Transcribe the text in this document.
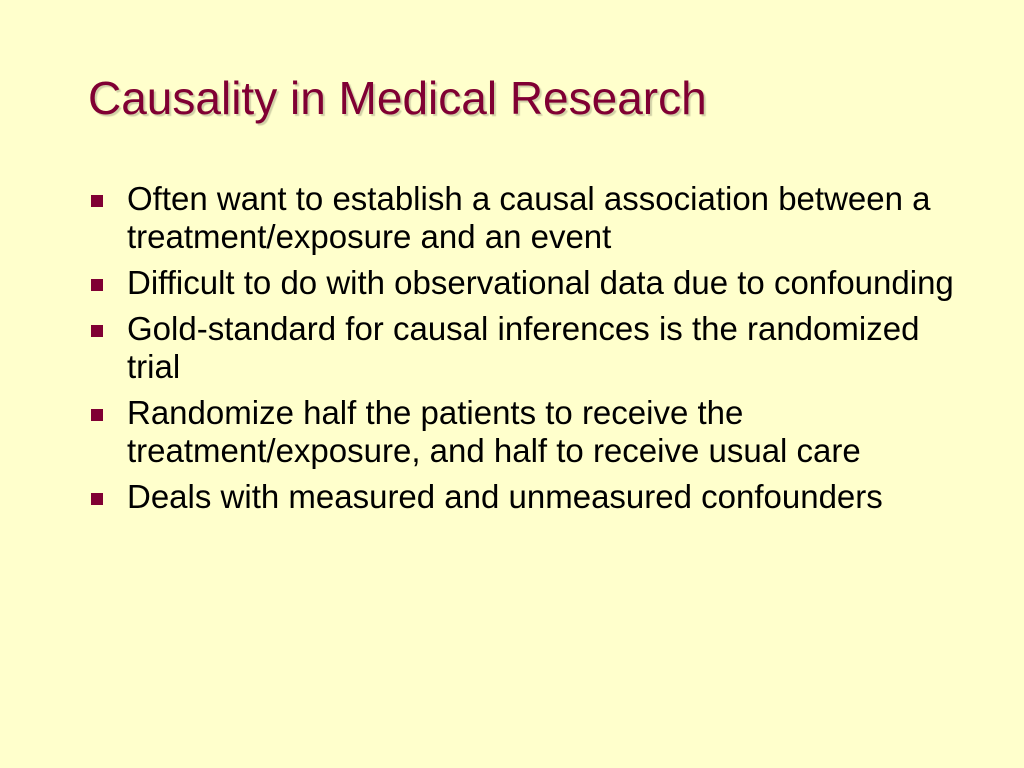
Causality in Medical Research
Often want to establish a causal association between a treatment/exposure and an event
Difficult to do with observational data due to confounding
Gold-standard for causal inferences is the randomized trial
Randomize half the patients to receive the treatment/exposure, and half to receive usual care
Deals with measured and unmeasured confounders
